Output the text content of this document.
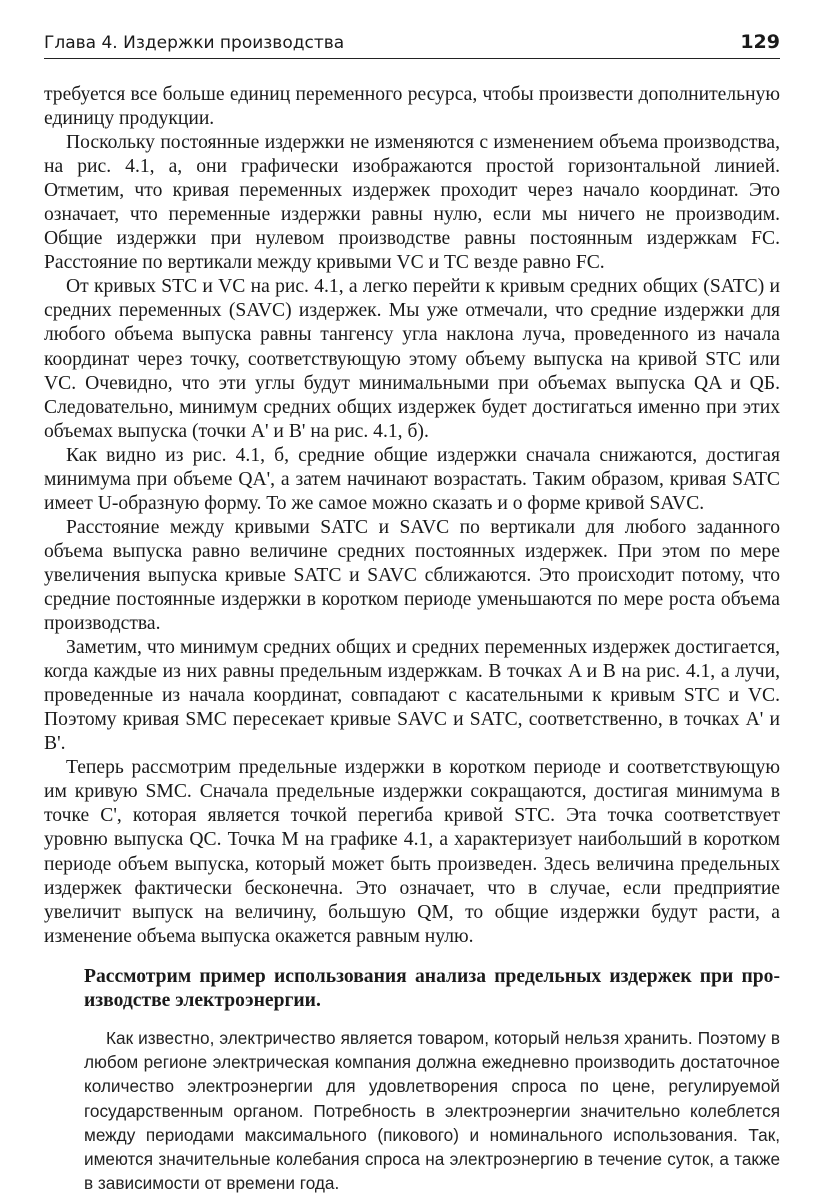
Глава 4. Издержки производства	129

требуется все больше единиц переменного ресурса, чтобы произвести дополнительную единицу продукции.

Поскольку постоянные издержки не изменяются с изменением объема производства, на рис. 4.1, а, они графически изображаются простой горизонтальной линией. Отметим, что кривая переменных издержек проходит через начало координат. Это означает, что переменные издержки равны нулю, если мы ничего не производим. Общие издержки при нулевом производстве равны постоянным издержкам FC. Расстояние по вертикали между кривыми VC и TC везде равно FC.

От кривых STC и VC на рис. 4.1, а легко перейти к кривым средних общих (SATC) и средних переменных (SAVC) издержек. Мы уже отмечали, что средние издержки для любого объема выпуска равны тангенсу угла наклона луча, проведенного из начала координат через точку, соответствующую этому объему выпуска на кривой STC или VC. Очевидно, что эти углы будут минимальными при объемах выпуска QA и QБ. Следовательно, минимум средних общих издержек будет достигаться именно при этих объемах выпуска (точки A' и B' на рис. 4.1, б).

Как видно из рис. 4.1, б, средние общие издержки сначала снижаются, достигая минимума при объеме QA', а затем начинают возрастать. Таким образом, кривая SATC имеет U-образную форму. То же самое можно сказать и о форме кривой SAVC.

Расстояние между кривыми SATC и SAVC по вертикали для любого заданного объема выпуска равно величине средних постоянных издержек. При этом по мере увеличения выпуска кривые SATC и SAVC сближаются. Это происходит потому, что средние постоянные издержки в коротком периоде уменьшаются по мере роста объема производства.

Заметим, что минимум средних общих и средних переменных издержек достигается, когда каждые из них равны предельным издержкам. В точках A и B на рис. 4.1, а лучи, проведенные из начала координат, совпадают с касательными к кривым STC и VC. Поэтому кривая SMC пересекает кривые SAVC и SATC, соответственно, в точках A' и B'.

Теперь рассмотрим предельные издержки в коротком периоде и соответствующую им кривую SMC. Сначала предельные издержки сокращаются, достигая минимума в точке C', которая является точкой перегиба кривой STC. Эта точка соответствует уровню выпуска QC. Точка M на графике 4.1, а характеризует наибольший в коротком периоде объем выпуска, который может быть произведен. Здесь величина предельных издержек фактически бесконечна. Это означает, что в случае, если предприятие увеличит выпуск на величину, большую QM, то общие издержки будут расти, а изменение объема выпуска окажется равным нулю.

Рассмотрим пример использования анализа предельных издержек при производстве электроэнергии.

Как известно, электричество является товаром, который нельзя хранить. Поэтому в любом регионе электрическая компания должна ежедневно производить достаточное количество электроэнергии для удовлетворения спроса по цене, регулируемой государственным органом. Потребность в электроэнергии значительно колеблется между периодами максимального (пикового) и номинального использования. Так, имеются значительные колебания спроса на электроэнергию в течение суток, а также в зависимости от времени года.
